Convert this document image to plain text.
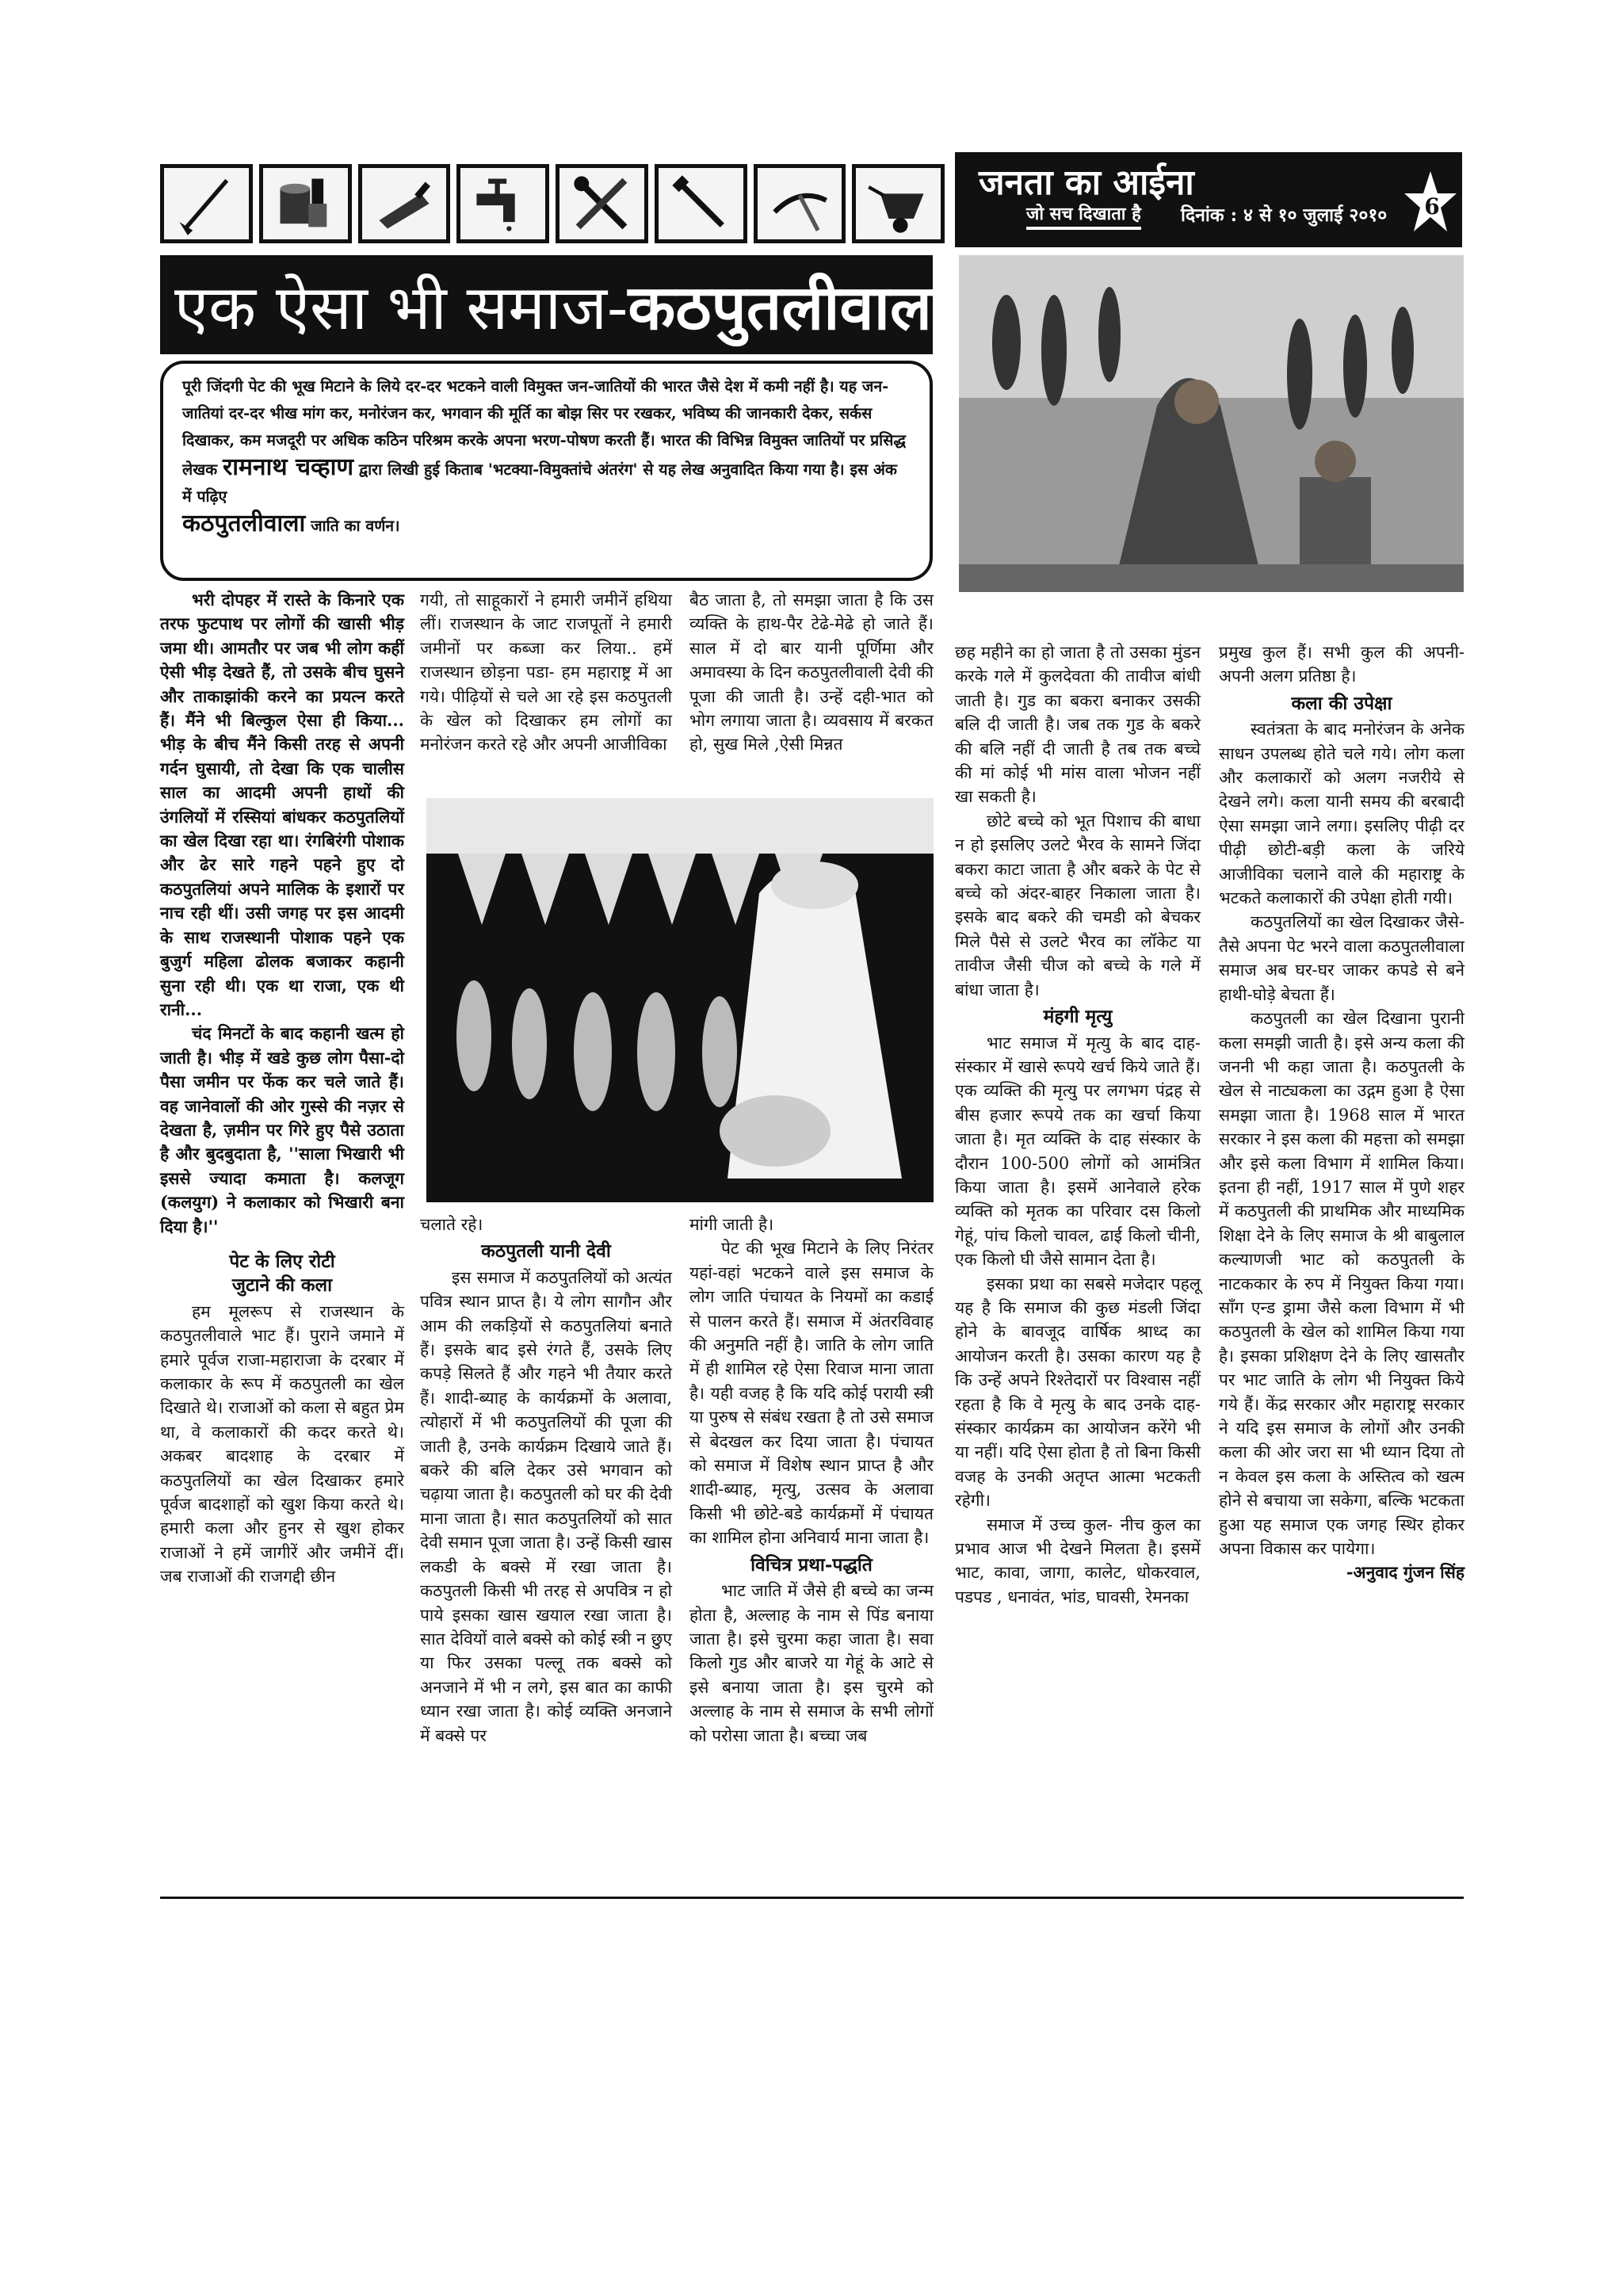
जनता का आईना
जो सच दिखाता है दिनांक : ४ से १० जुलाई २०१०	6
एक ऐसा भी समाज-कठपुतलीवाला
पूरी जिंदगी पेट की भूख मिटाने के लिये दर-दर भटकने वाली विमुक्त जन-जातियों की भारत जैसे देश में कमी नहीं है। यह जन-जातियां दर-दर भीख मांग कर, मनोरंजन कर, भगवान की मूर्ति का बोझ सिर पर रखकर, भविष्य की जानकारी देकर, सर्कस दिखाकर, कम मजदूरी पर अधिक कठिन परिश्रम करके अपना भरण-पोषण करती हैं। भारत की विभिन्न विमुक्त जातियों पर प्रसिद्ध लेखक रामनाथ चव्हाण द्वारा लिखी हुई किताब 'भटक्या-विमुक्तांचे अंतरंग' से यह लेख अनुवादित किया गया है। इस अंक में पढ़िए
कठपुतलीवाला जाति का वर्णन।

भरी दोपहर में रास्ते के किनारे एक तरफ फुटपाथ पर लोगों की खासी भीड़ जमा थी। आमतौर पर जब भी लोग कहीं ऐसी भीड़ देखते हैं, तो उसके बीच घुसने और ताकाझांकी करने का प्रयत्न करते हैं। मैंने भी बिल्कुल ऐसा ही किया... भीड़ के बीच मैंने किसी तरह से अपनी गर्दन घुसायी, तो देखा कि एक चालीस साल का आदमी अपनी हाथों की उंगलियों में रस्सियां बांधकर कठपुतलियों का खेल दिखा रहा था। रंगबिरंगी पोशाक और ढेर सारे गहने पहने हुए दो कठपुतलियां अपने मालिक के इशारों पर नाच रही थीं। उसी जगह पर इस आदमी के साथ राजस्थानी पोशाक पहने एक बुजुर्ग महिला ढोलक बजाकर कहानी सुना रही थी। एक था राजा, एक थी रानी...

चंद मिनटों के बाद कहानी खत्म हो जाती है। भीड़ में खडे कुछ लोग पैसा-दो पैसा जमीन पर फेंक कर चले जाते हैं। वह जानेवालों की ओर गुस्से की नज़र से देखता है, ज़मीन पर गिरे हुए पैसे उठाता है और बुदबुदाता है, ''साला भिखारी भी इससे ज्यादा कमाता है। कलजूग (कलयुग) ने कलाकार को भिखारी बना दिया है।''

पेट के लिए रोटी
जुटाने की कला

हम मूलरूप से राजस्थान के कठपुतलीवाले भाट हैं। पुराने जमाने में हमारे पूर्वज राजा-महाराजा के दरबार में कलाकार के रूप में कठपुतली का खेल दिखाते थे। राजाओं को कला से बहुत प्रेम था, वे कलाकारों की कदर करते थे। अकबर बादशाह के दरबार में कठपुतलियों का खेल दिखाकर हमारे पूर्वज बादशाहों को खुश किया करते थे। हमारी कला और हुनर से खुश होकर राजाओं ने हमें जागीरें और जमीनें दीं। जब राजाओं की राजगद्दी छीन

गयी, तो साहूकारों ने हमारी जमीनें हथिया लीं। राजस्थान के जाट राजपूतों ने हमारी जमीनों पर कब्जा कर लिया.. हमें राजस्थान छोड़ना पडा- हम महाराष्ट्र में आ गये। पीढ़ियों से चले आ रहे इस कठपुतली के खेल को दिखाकर हम लोगों का मनोरंजन करते रहे और अपनी आजीविका

चलाते रहे।

कठपुतली यानी देवी

इस समाज में कठपुतलियों को अत्यंत पवित्र स्थान प्राप्त है। ये लोग सागौन और आम की लकड़ियों से कठपुतलियां बनाते हैं। इसके बाद इसे रंगते हैं, उसके लिए कपड़े सिलते हैं और गहने भी तैयार करते हैं। शादी-ब्याह के कार्यक्रमों के अलावा, त्योहारों में भी कठपुतलियों की पूजा की जाती है, उनके कार्यक्रम दिखाये जाते हैं। बकरे की बलि देकर उसे भगवान को चढ़ाया जाता है। कठपुतली को घर की देवी माना जाता है। सात कठपुतलियों को सात देवी समान पूजा जाता है। उन्हें किसी खास लकडी के बक्से में रखा जाता है। कठपुतली किसी भी तरह से अपवित्र न हो पाये इसका खास खयाल रखा जाता है। सात देवियों वाले बक्से को कोई स्त्री न छुए या फिर उसका पल्लू तक बक्से को अनजाने में भी न लगे, इस बात का काफी ध्यान रखा जाता है। कोई व्यक्ति अनजाने में बक्से पर

बैठ जाता है, तो समझा जाता है कि उस व्यक्ति के हाथ-पैर टेढे-मेढे हो जाते हैं। साल में दो बार यानी पूर्णिमा और अमावस्या के दिन कठपुतलीवाली देवी की पूजा की जाती है। उन्हें दही-भात को भोग लगाया जाता है। व्यवसाय में बरकत हो, सुख मिले ,ऐसी मिन्नत

मांगी जाती है।

पेट की भूख मिटाने के लिए निरंतर यहां-वहां भटकने वाले इस समाज के लोग जाति पंचायत के नियमों का कडाई से पालन करते हैं। समाज में अंतरविवाह की अनुमति नहीं है। जाति के लोग जाति में ही शामिल रहे ऐसा रिवाज माना जाता है। यही वजह है कि यदि कोई परायी स्त्री या पुरुष से संबंध रखता है तो उसे समाज से बेदखल कर दिया जाता है। पंचायत को समाज में विशेष स्थान प्राप्त है और शादी-ब्याह, मृत्यु, उत्सव के अलावा किसी भी छोटे-बडे कार्यक्रमों में पंचायत का शामिल होना अनिवार्य माना जाता है।

विचित्र प्रथा-पद्धति

भाट जाति में जैसे ही बच्चे का जन्म होता है, अल्लाह के नाम से पिंड बनाया जाता है। इसे चुरमा कहा जाता है। सवा किलो गुड और बाजरे या गेहूं के आटे से इसे बनाया जाता है। इस चुरमे को अल्लाह के नाम से समाज के सभी लोगों को परोसा जाता है। बच्चा जब

छह महीने का हो जाता है तो उसका मुंडन करके गले में कुलदेवता की तावीज बांधी जाती है। गुड का बकरा बनाकर उसकी बलि दी जाती है। जब तक गुड के बकरे की बलि नहीं दी जाती है तब तक बच्चे की मां कोई भी मांस वाला भोजन नहीं खा सकती है।

छोटे बच्चे को भूत पिशाच की बाधा न हो इसलिए उलटे भैरव के सामने जिंदा बकरा काटा जाता है और बकरे के पेट से बच्चे को अंदर-बाहर निकाला जाता है। इसके बाद बकरे की चमडी को बेचकर मिले पैसे से उलटे भैरव का लॉकेट या तावीज जैसी चीज को बच्चे के गले में बांधा जाता है।

मंहगी मृत्यु

भाट समाज में मृत्यु के बाद दाह-संस्कार में खासे रूपये खर्च किये जाते हैं। एक व्यक्ति की मृत्यु पर लगभग पंद्रह से बीस हजार रूपये तक का खर्चा किया जाता है। मृत व्यक्ति के दाह संस्कार के दौरान 100-500 लोगों को आमंत्रित किया जाता है। इसमें आनेवाले हरेक व्यक्ति को मृतक का परिवार दस किलो गेहूं, पांच किलो चावल, ढाई किलो चीनी, एक किलो घी जैसे सामान देता है।

इसका प्रथा का सबसे मजेदार पहलू यह है कि समाज की कुछ मंडली जिंदा होने के बावजूद वार्षिक श्राध्द का आयोजन करती है। उसका कारण यह है कि उन्हें अपने रिश्तेदारों पर विश्वास नहीं रहता है कि वे मृत्यु के बाद उनके दाह-संस्कार कार्यक्रम का आयोजन करेंगे भी या नहीं। यदि ऐसा होता है तो बिना किसी वजह के उनकी अतृप्त आत्मा भटकती रहेगी।

समाज में उच्च कुल- नीच कुल का प्रभाव आज भी देखने मिलता है। इसमें भाट, कावा, जागा, कालेट, धोकरवाल, पडपड , धनावंत, भांड, घावसी, रेमनका

प्रमुख कुल हैं। सभी कुल की अपनी-अपनी अलग प्रतिष्ठा है।

कला की उपेक्षा

स्वतंत्रता के बाद मनोरंजन के अनेक साधन उपलब्ध होते चले गये। लोग कला और कलाकारों को अलग नजरीये से देखने लगे। कला यानी समय की बरबादी ऐसा समझा जाने लगा। इसलिए पीढ़ी दर पीढ़ी छोटी-बड़ी कला के जरिये आजीविका चलाने वाले की महाराष्ट्र के भटकते कलाकारों की उपेक्षा होती गयी।

कठपुतलियों का खेल दिखाकर जैसे-तैसे अपना पेट भरने वाला कठपुतलीवाला समाज अब घर-घर जाकर कपडे से बने हाथी-घोड़े बेचता हैं।

कठपुतली का खेल दिखाना पुरानी कला समझी जाती है। इसे अन्य कला की जननी भी कहा जाता है। कठपुतली के खेल से नाट्यकला का उद्गम हुआ है ऐसा समझा जाता है। 1968 साल में भारत सरकार ने इस कला की महत्ता को समझा और इसे कला विभाग में शामिल किया। इतना ही नहीं, 1917 साल में पुणे शहर में कठपुतली की प्राथमिक और माध्यमिक शिक्षा देने के लिए समाज के श्री बाबुलाल कल्याणजी भाट को कठपुतली के नाटककार के रुप में नियुक्त किया गया। सॉंग एन्ड ड्रामा जैसे कला विभाग में भी कठपुतली के खेल को शामिल किया गया है। इसका प्रशिक्षण देने के लिए खासतौर पर भाट जाति के लोग भी नियुक्त किये गये हैं। केंद्र सरकार और महाराष्ट्र सरकार ने यदि इस समाज के लोगों और उनकी कला की ओर जरा सा भी ध्यान दिया तो न केवल इस कला के अस्तित्व को खत्म होने से बचाया जा सकेगा, बल्कि भटकता हुआ यह समाज एक जगह स्थिर होकर अपना विकास कर पायेगा।

-अनुवाद गुंजन सिंह
